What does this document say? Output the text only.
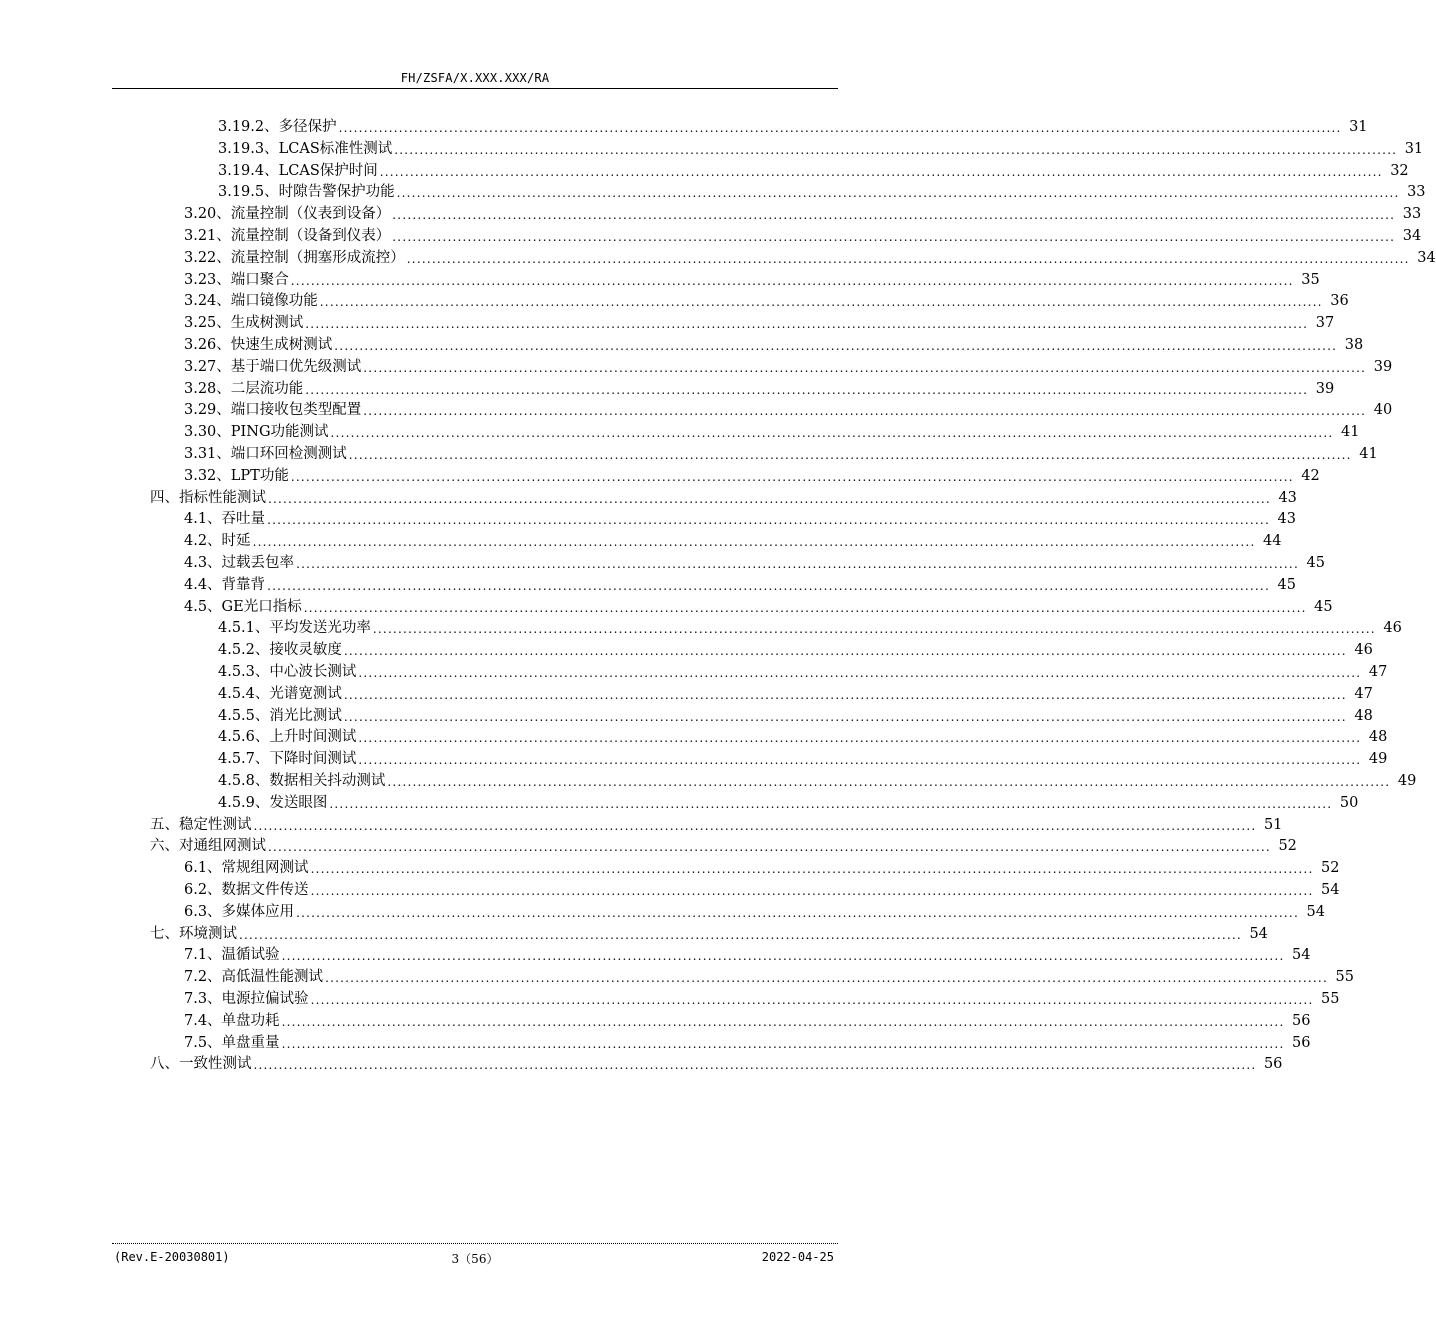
FH/ZSFA/X.XXX.XXX/RA
3.19.2、多径保护 ........................................................................................................................................................................................................ 31
3.19.3、LCAS标准性测试 ........................................................................................................................................................................................................ 31
3.19.4、LCAS保护时间 ........................................................................................................................................................................................................ 32
3.19.5、时隙告警保护功能 ........................................................................................................................................................................................................ 33
3.20、流量控制（仪表到设备） ........................................................................................................................................................................................................ 33
3.21、流量控制（设备到仪表） ........................................................................................................................................................................................................ 34
3.22、流量控制（拥塞形成流控） ........................................................................................................................................................................................................ 34
3.23、端口聚合 ........................................................................................................................................................................................................ 35
3.24、端口镜像功能 ........................................................................................................................................................................................................ 36
3.25、生成树测试 ........................................................................................................................................................................................................ 37
3.26、快速生成树测试 ........................................................................................................................................................................................................ 38
3.27、基于端口优先级测试 ........................................................................................................................................................................................................ 39
3.28、二层流功能 ........................................................................................................................................................................................................ 39
3.29、端口接收包类型配置 ........................................................................................................................................................................................................ 40
3.30、PING功能测试 ........................................................................................................................................................................................................ 41
3.31、端口环回检测测试 ........................................................................................................................................................................................................ 41
3.32、LPT功能 ........................................................................................................................................................................................................ 42
四、指标性能测试 ........................................................................................................................................................................................................ 43
4.1、吞吐量 ........................................................................................................................................................................................................ 43
4.2、时延 ........................................................................................................................................................................................................ 44
4.3、过载丢包率 ........................................................................................................................................................................................................ 45
4.4、背靠背 ........................................................................................................................................................................................................ 45
4.5、GE光口指标 ........................................................................................................................................................................................................ 45
4.5.1、平均发送光功率 ........................................................................................................................................................................................................ 46
4.5.2、接收灵敏度 ........................................................................................................................................................................................................ 46
4.5.3、中心波长测试 ........................................................................................................................................................................................................ 47
4.5.4、光谱宽测试 ........................................................................................................................................................................................................ 47
4.5.5、消光比测试 ........................................................................................................................................................................................................ 48
4.5.6、上升时间测试 ........................................................................................................................................................................................................ 48
4.5.7、下降时间测试 ........................................................................................................................................................................................................ 49
4.5.8、数据相关抖动测试 ........................................................................................................................................................................................................ 49
4.5.9、发送眼图 ........................................................................................................................................................................................................ 50
五、稳定性测试 ........................................................................................................................................................................................................ 51
六、对通组网测试 ........................................................................................................................................................................................................ 52
6.1、常规组网测试 ........................................................................................................................................................................................................ 52
6.2、数据文件传送 ........................................................................................................................................................................................................ 54
6.3、多媒体应用 ........................................................................................................................................................................................................ 54
七、环境测试 ........................................................................................................................................................................................................ 54
7.1、温循试验 ........................................................................................................................................................................................................ 54
7.2、高低温性能测试 ........................................................................................................................................................................................................ 55
7.3、电源拉偏试验 ........................................................................................................................................................................................................ 55
7.4、单盘功耗 ........................................................................................................................................................................................................ 56
7.5、单盘重量 ........................................................................................................................................................................................................ 56
八、一致性测试 ........................................................................................................................................................................................................ 56
(Rev.E-20030801)	3（56）	2022-04-25
